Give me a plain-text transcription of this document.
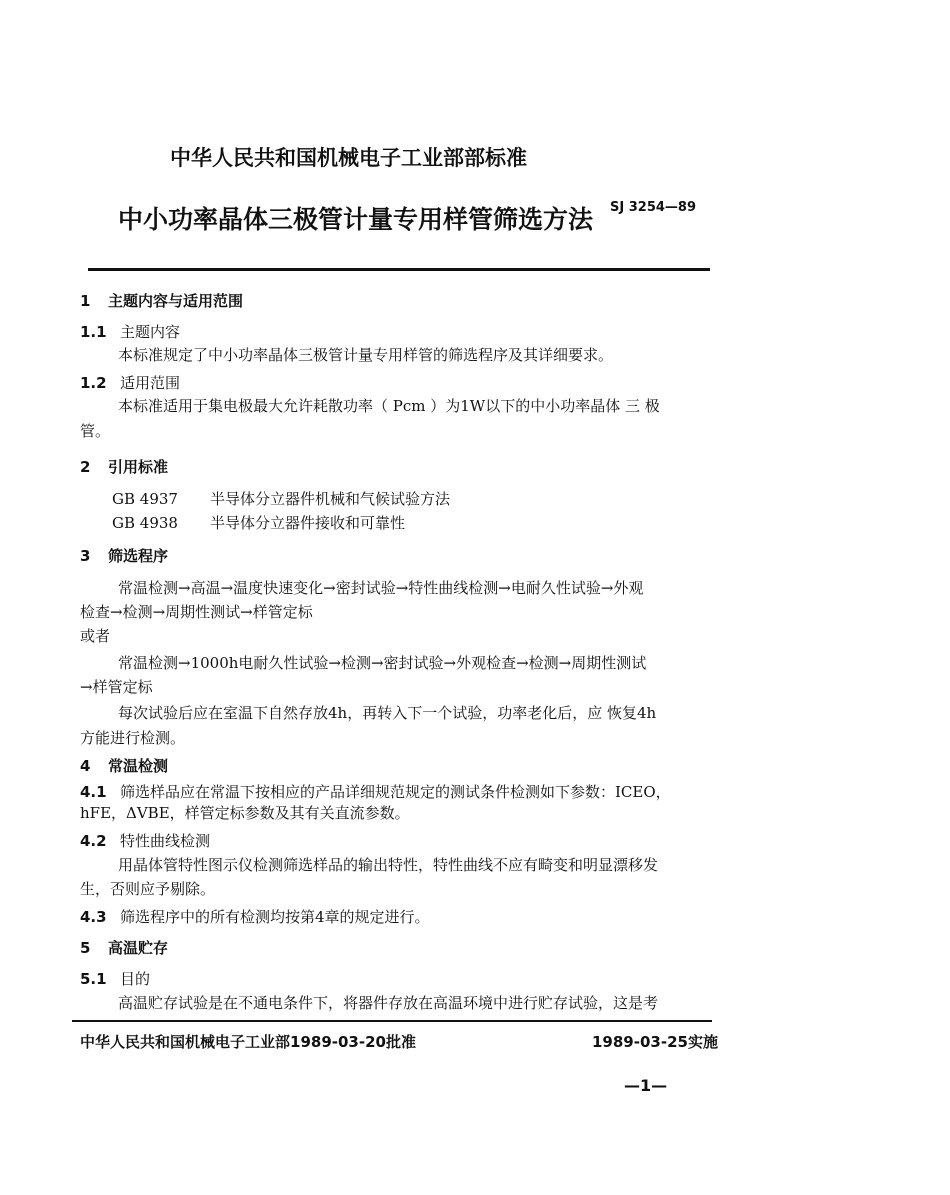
中华人民共和国机械电子工业部部标准
中小功率晶体三极管计量专用样管筛选方法 SJ 3254—89
1 主题内容与适用范围
1.1 主题内容
本标准规定了中小功率晶体三极管计量专用样管的筛选程序及其详细要求。
1.2 适用范围
本标准适用于集电极最大允许耗散功率（ Pcm ）为1W以下的中小功率晶体 三 极
管。
2 引用标准
GB 4937 半导体分立器件机械和气候试验方法
GB 4938 半导体分立器件接收和可靠性
3 筛选程序
常温检测→高温→温度快速变化→密封试验→特性曲线检测→电耐久性试验→外观
检查→检测→周期性测试→样管定标
或者
常温检测→1000h电耐久性试验→检测→密封试验→外观检查→检测→周期性测试
→样管定标
每次试验后应在室温下自然存放4h，再转入下一个试验，功率老化后，应 恢复4h
方能进行检测。
4 常温检测
4.1 筛选样品应在常温下按相应的产品详细规范规定的测试条件检测如下参数：ICEO，
hFE，ΔVBE，样管定标参数及其有关直流参数。
4.2 特性曲线检测
用晶体管特性图示仪检测筛选样品的输出特性，特性曲线不应有畸变和明显漂移发
生，否则应予剔除。
4.3 筛选程序中的所有检测均按第4章的规定进行。
5 高温贮存
5.1 目的
高温贮存试验是在不通电条件下，将器件存放在高温环境中进行贮存试验，这是考
中华人民共和国机械电子工业部1989-03-20批准	1989-03-25实施
—1—
